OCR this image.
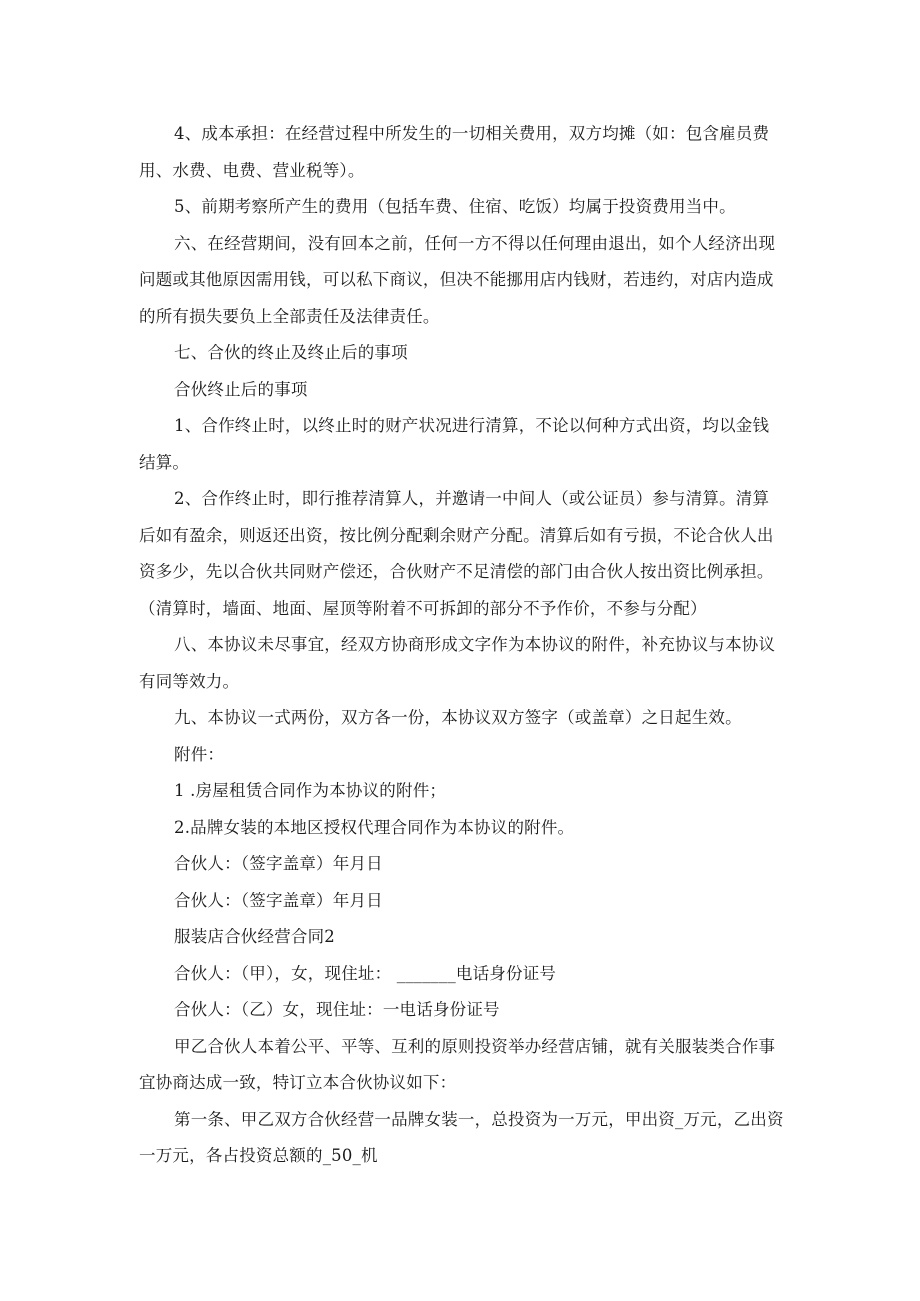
4、成本承担：在经营过程中所发生的一切相关费用，双方均摊（如：包含雇员费用、水费、电费、营业税等）。

5、前期考察所产生的费用（包括车费、住宿、吃饭）均属于投资费用当中。

六、在经营期间，没有回本之前，任何一方不得以任何理由退出，如个人经济出现问题或其他原因需用钱，可以私下商议，但决不能挪用店内钱财，若违约，对店内造成的所有损失要负上全部责任及法律责任。

七、合伙的终止及终止后的事项

合伙终止后的事项

1、合作终止时，以终止时的财产状况进行清算，不论以何种方式出资，均以金钱结算。

2、合作终止时，即行推荐清算人，并邀请一中间人（或公证员）参与清算。清算后如有盈余，则返还出资，按比例分配剩余财产分配。清算后如有亏损，不论合伙人出资多少，先以合伙共同财产偿还，合伙财产不足清偿的部门由合伙人按出资比例承担。（清算时，墙面、地面、屋顶等附着不可拆卸的部分不予作价，不参与分配）

八、本协议未尽事宜，经双方协商形成文字作为本协议的附件，补充协议与本协议有同等效力。

九、本协议一式两份，双方各一份，本协议双方签字（或盖章）之日起生效。

附件：

1 .房屋租赁合同作为本协议的附件；

2.品牌女装的本地区授权代理合同作为本协议的附件。

合伙人：（签字盖章）年月日

合伙人：（签字盖章）年月日

服装店合伙经营合同2

合伙人：（甲），女，现住址： _______电话身份证号

合伙人：（乙）女，现住址：一电话身份证号

甲乙合伙人本着公平、平等、互利的原则投资举办经营店铺，就有关服装类合作事宜协商达成一致，特订立本合伙协议如下：

第一条、甲乙双方合伙经营一品牌女装一，总投资为一万元，甲出资_万元，乙出资一万元，各占投资总额的_50_机
